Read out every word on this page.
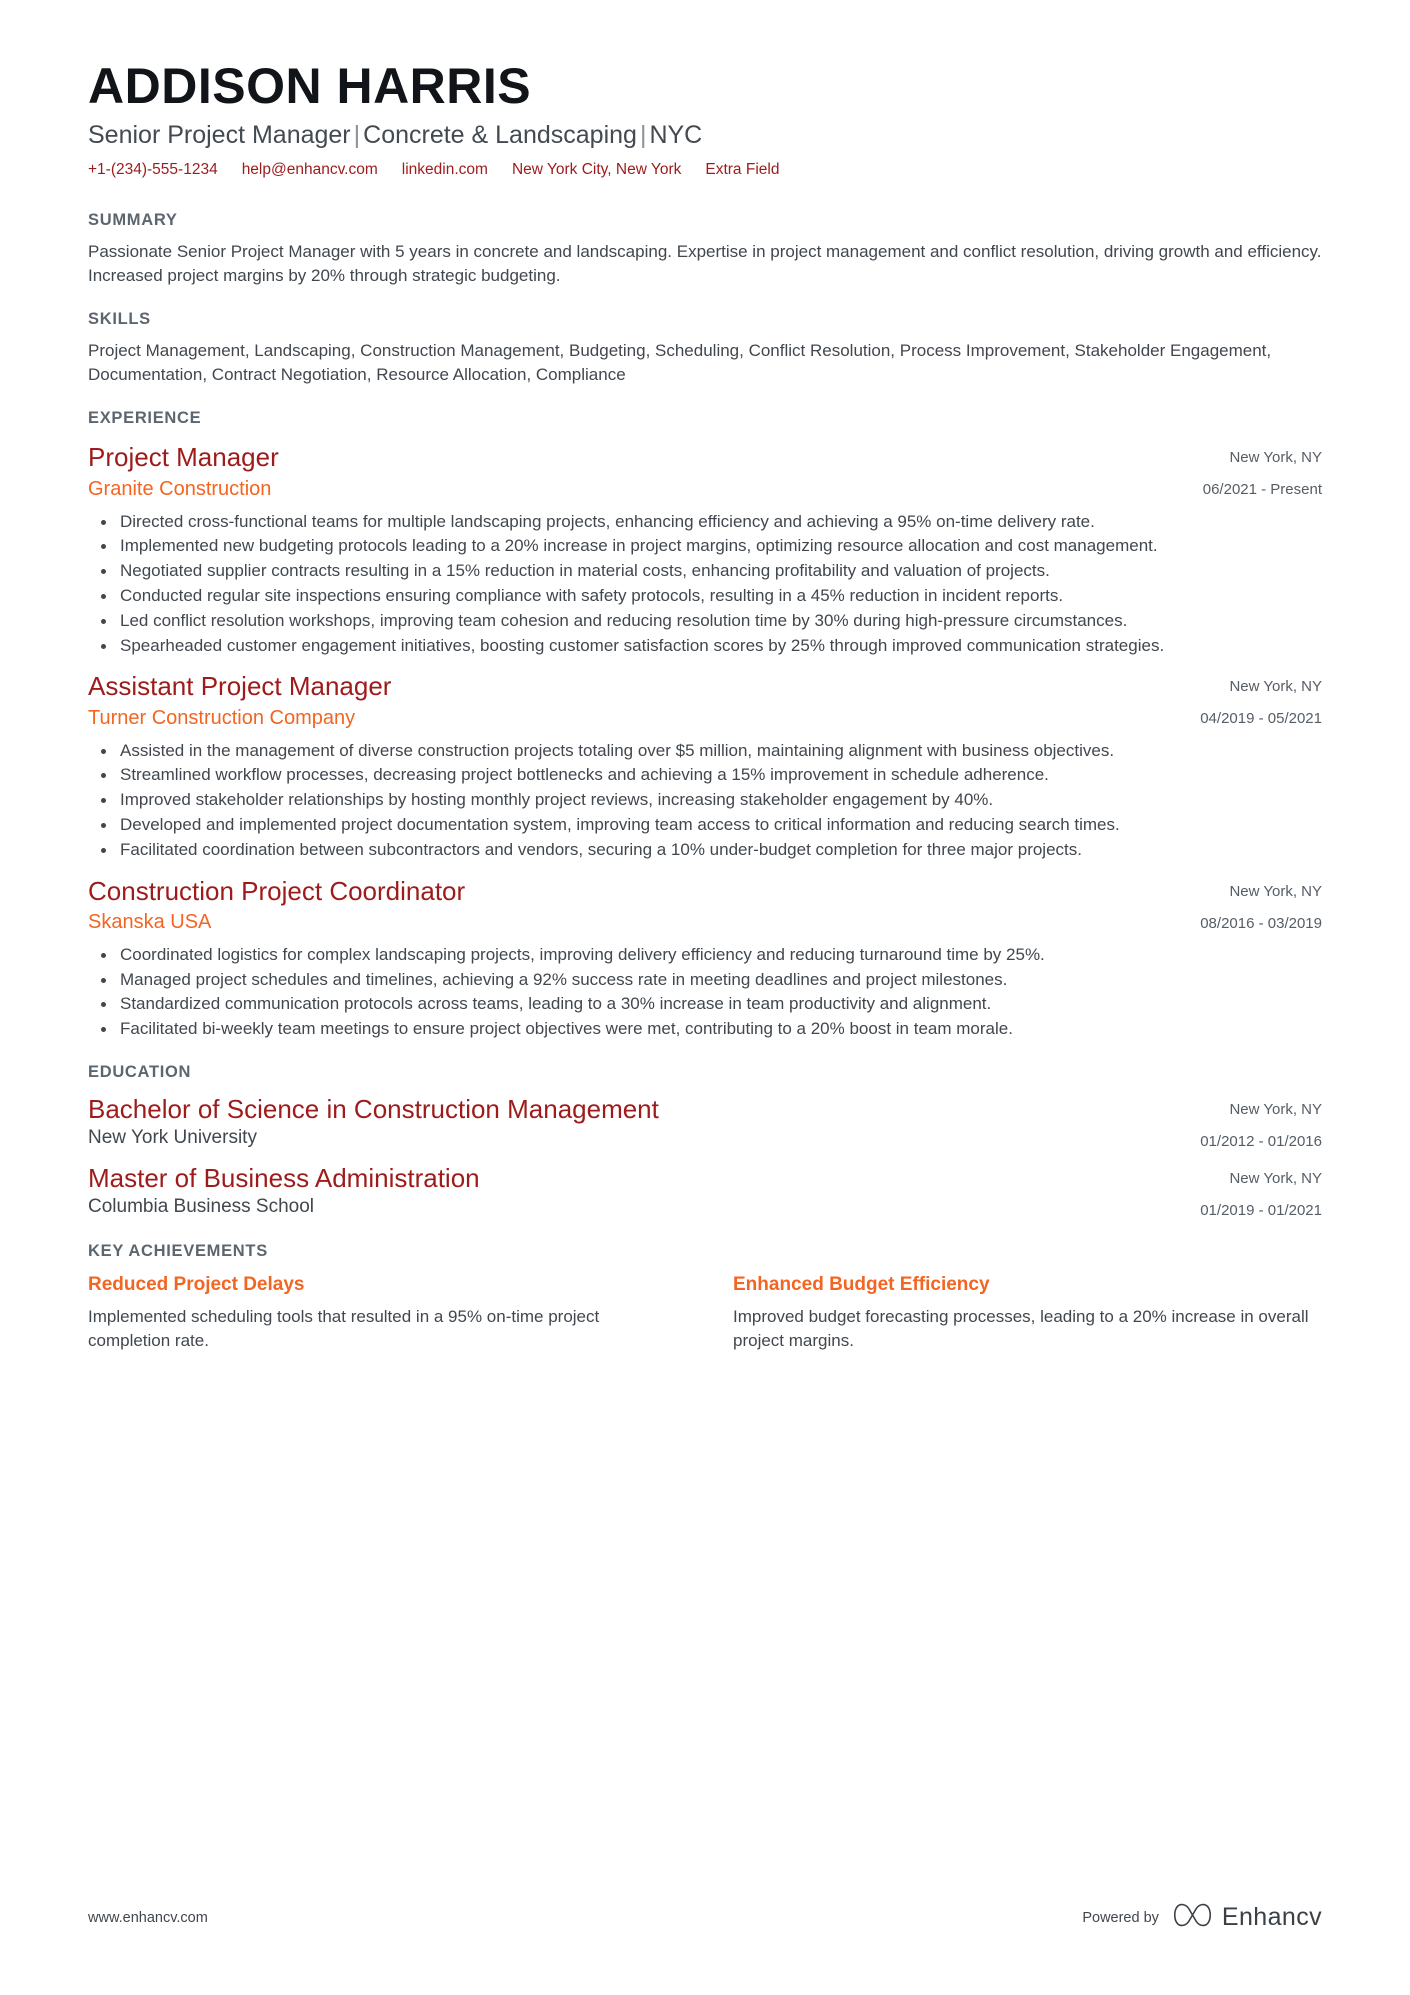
ADDISON HARRIS
Senior Project Manager | Concrete & Landscaping | NYC
+1-(234)-555-1234 help@enhancv.com linkedin.com New York City, New York Extra Field
SUMMARY

Passionate Senior Project Manager with 5 years in concrete and landscaping. Expertise in project management and conflict resolution, driving growth and efficiency. Increased project margins by 20% through strategic budgeting.

SKILLS

Project Management, Landscaping, Construction Management, Budgeting, Scheduling, Conflict Resolution, Process Improvement, Stakeholder Engagement, Documentation, Contract Negotiation, Resource Allocation, Compliance

EXPERIENCE
Project Manager
Granite Construction
New York, NY
06/2021 - Present
Directed cross-functional teams for multiple landscaping projects, enhancing efficiency and achieving a 95% on-time delivery rate.
Implemented new budgeting protocols leading to a 20% increase in project margins, optimizing resource allocation and cost management.
Negotiated supplier contracts resulting in a 15% reduction in material costs, enhancing profitability and valuation of projects.
Conducted regular site inspections ensuring compliance with safety protocols, resulting in a 45% reduction in incident reports.
Led conflict resolution workshops, improving team cohesion and reducing resolution time by 30% during high-pressure circumstances.
Spearheaded customer engagement initiatives, boosting customer satisfaction scores by 25% through improved communication strategies.
Assistant Project Manager
Turner Construction Company
New York, NY
04/2019 - 05/2021
Assisted in the management of diverse construction projects totaling over $5 million, maintaining alignment with business objectives.
Streamlined workflow processes, decreasing project bottlenecks and achieving a 15% improvement in schedule adherence.
Improved stakeholder relationships by hosting monthly project reviews, increasing stakeholder engagement by 40%.
Developed and implemented project documentation system, improving team access to critical information and reducing search times.
Facilitated coordination between subcontractors and vendors, securing a 10% under-budget completion for three major projects.
Construction Project Coordinator
Skanska USA
New York, NY
08/2016 - 03/2019
Coordinated logistics for complex landscaping projects, improving delivery efficiency and reducing turnaround time by 25%.
Managed project schedules and timelines, achieving a 92% success rate in meeting deadlines and project milestones.
Standardized communication protocols across teams, leading to a 30% increase in team productivity and alignment.
Facilitated bi-weekly team meetings to ensure project objectives were met, contributing to a 20% boost in team morale.
EDUCATION
Bachelor of Science in Construction Management
New York University
New York, NY
01/2012 - 01/2016
Master of Business Administration
Columbia Business School
New York, NY
01/2019 - 01/2021
KEY ACHIEVEMENTS
Reduced Project Delays

Implemented scheduling tools that resulted in a 95% on-time project completion rate.

Enhanced Budget Efficiency

Improved budget forecasting processes, leading to a 20% increase in overall project margins.

www.enhancv.com	Powered by	Enhancv
